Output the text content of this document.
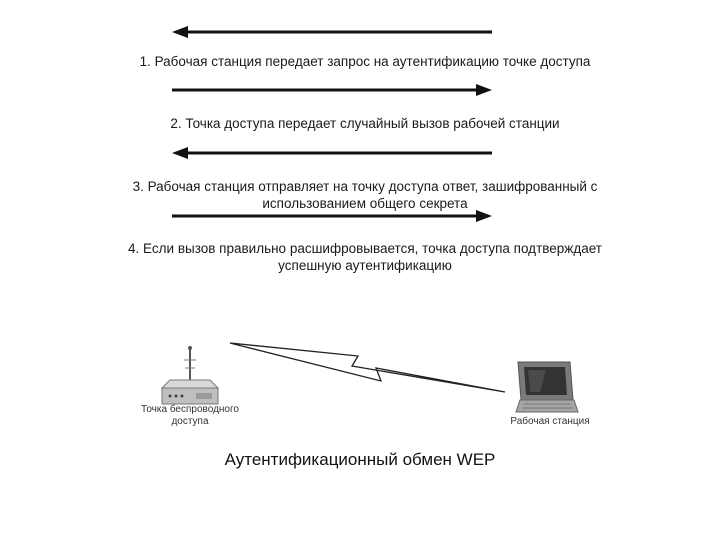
1. Рабочая станция передает запрос на аутентификацию точке доступа
2. Точка доступа передает случайный вызов рабочей станции
3. Рабочая станция отправляет на точку доступа ответ, зашифрованный с использованием общего секрета
4. Если вызов правильно расшифровывается, точка доступа подтверждает успешную аутентификацию
Точка беспроводного доступа	Рабочая станция
Аутентификационный обмен WEP
